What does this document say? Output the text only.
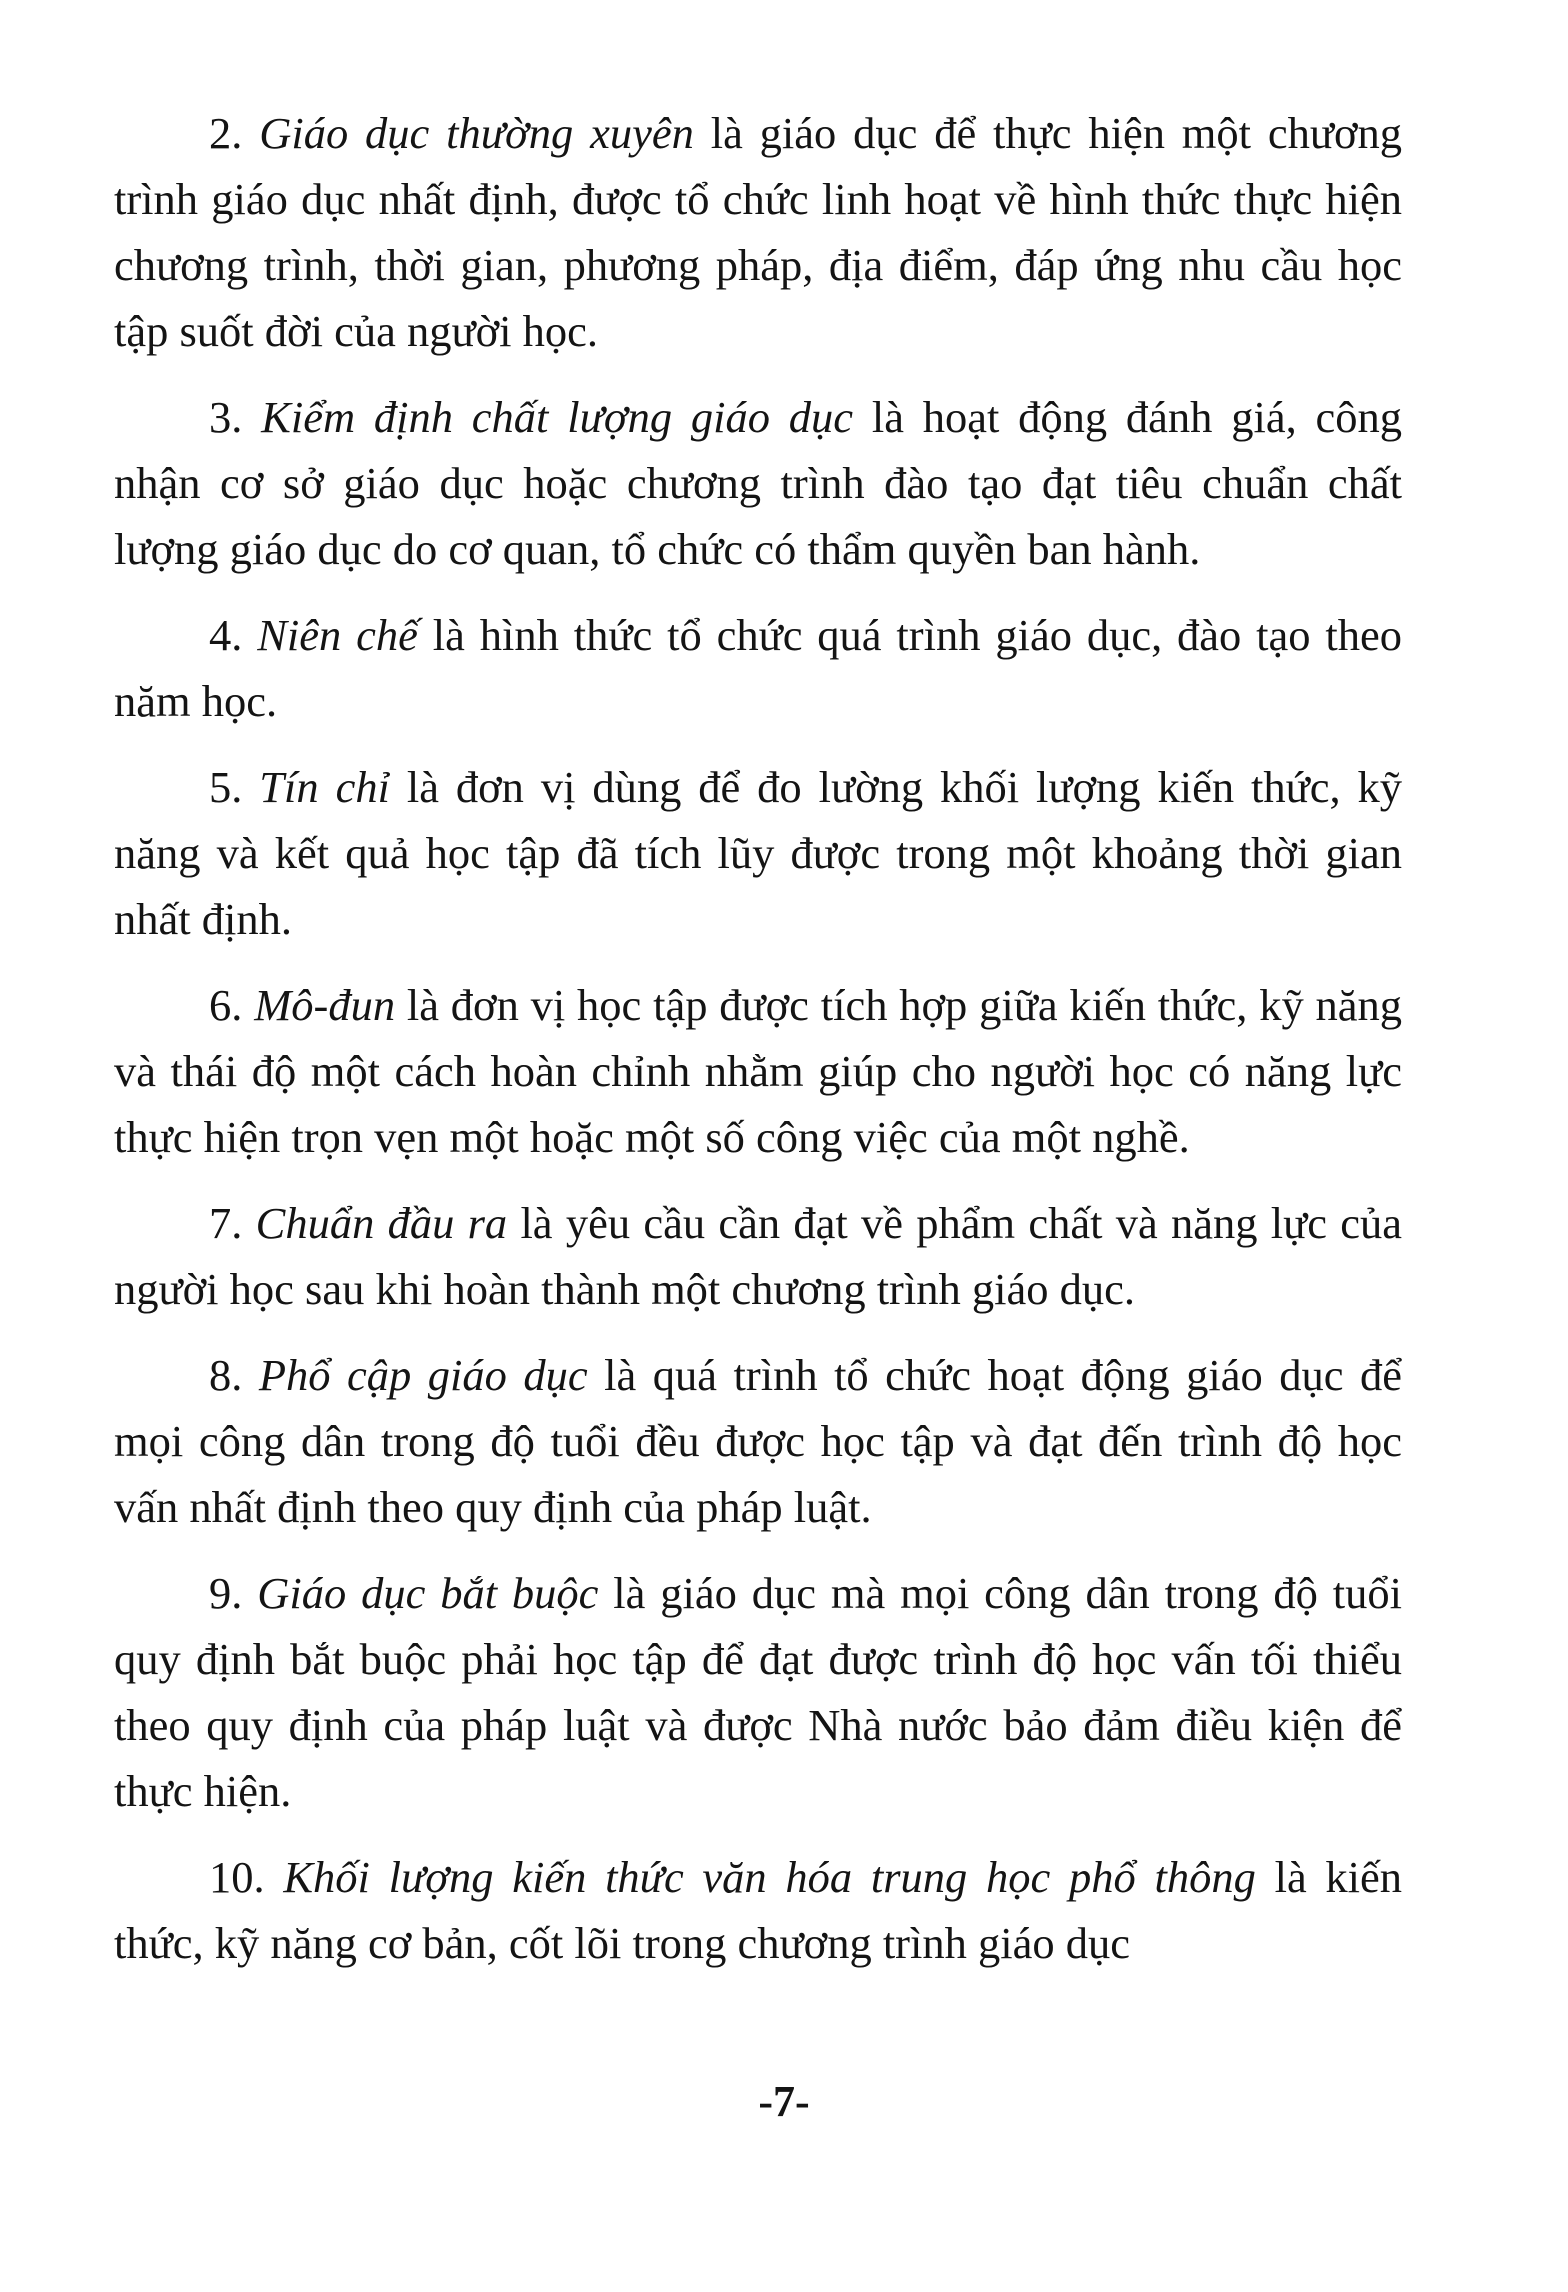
2. Giáo dục thường xuyên là giáo dục để thực hiện một chương trình giáo dục nhất định, được tổ chức linh hoạt về hình thức thực hiện chương trình, thời gian, phương pháp, địa điểm, đáp ứng nhu cầu học tập suốt đời của người học.

3. Kiểm định chất lượng giáo dục là hoạt động đánh giá, công nhận cơ sở giáo dục hoặc chương trình đào tạo đạt tiêu chuẩn chất lượng giáo dục do cơ quan, tổ chức có thẩm quyền ban hành.

4. Niên chế là hình thức tổ chức quá trình giáo dục, đào tạo theo năm học.

5. Tín chỉ là đơn vị dùng để đo lường khối lượng kiến thức, kỹ năng và kết quả học tập đã tích lũy được trong một khoảng thời gian nhất định.

6. Mô-đun là đơn vị học tập được tích hợp giữa kiến thức, kỹ năng và thái độ một cách hoàn chỉnh nhằm giúp cho người học có năng lực thực hiện trọn vẹn một hoặc một số công việc của một nghề.

7. Chuẩn đầu ra là yêu cầu cần đạt về phẩm chất và năng lực của người học sau khi hoàn thành một chương trình giáo dục.

8. Phổ cập giáo dục là quá trình tổ chức hoạt động giáo dục để mọi công dân trong độ tuổi đều được học tập và đạt đến trình độ học vấn nhất định theo quy định của pháp luật.

9. Giáo dục bắt buộc là giáo dục mà mọi công dân trong độ tuổi quy định bắt buộc phải học tập để đạt được trình độ học vấn tối thiểu theo quy định của pháp luật và được Nhà nước bảo đảm điều kiện để thực hiện.

10. Khối lượng kiến thức văn hóa trung học phổ thông là kiến thức, kỹ năng cơ bản, cốt lõi trong chương trình giáo dục

-7-
